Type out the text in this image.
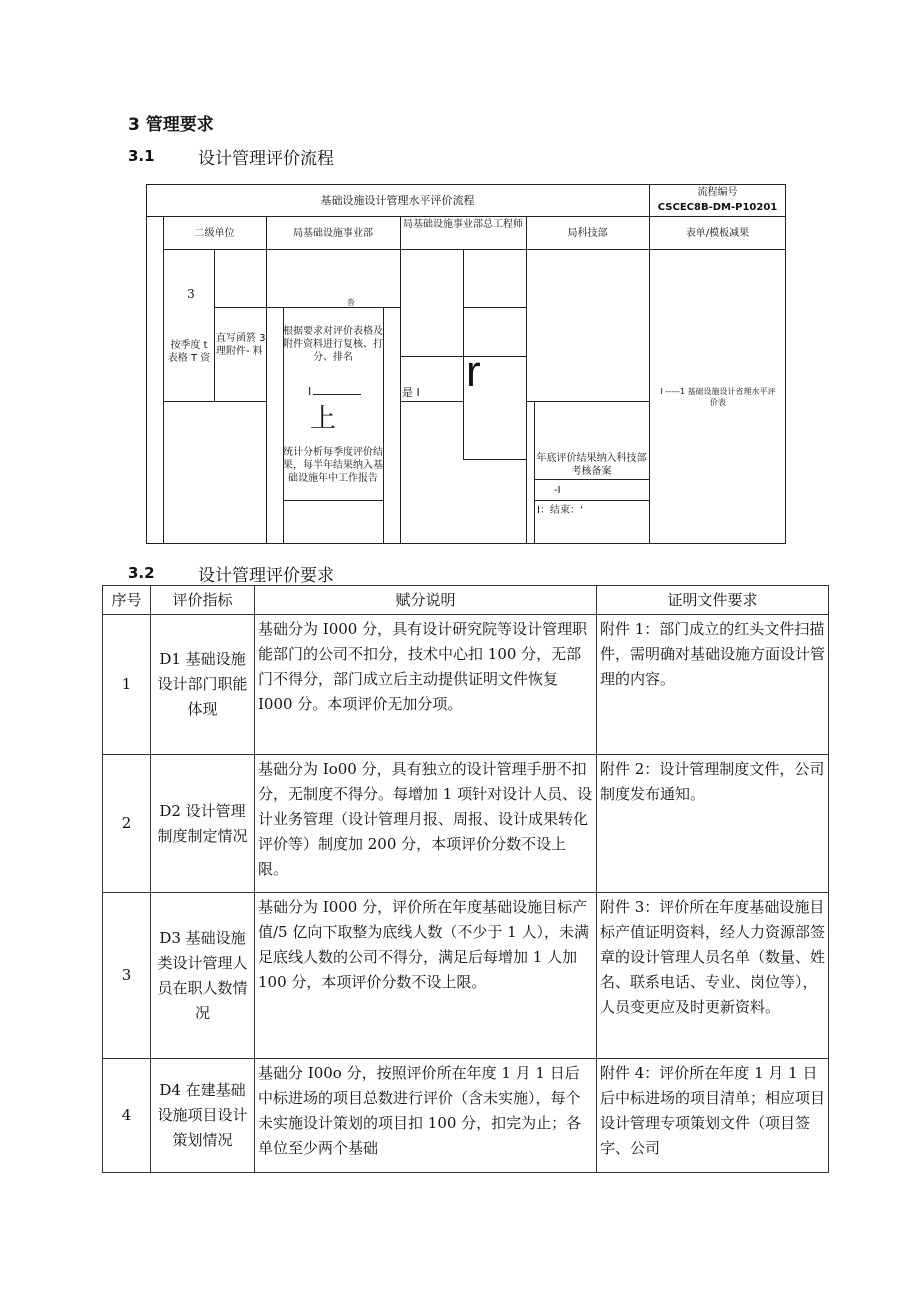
3 管理要求
3.1	设计管理评价流程
基础设施设计管理水平评价流程
流程编号
CSCEC8B-DM-P10201
二级单位	局基础设施事业部
局基础设施事业部总工程师
局科技部	表单/模板减果
3
按季度 t 表格 T 资
直写函箊 3 理附件- 料
沓
根据要求对评价表格及附件资料进行复核、打分、排名
I	是 I	r
上
统计分析每季度评价结果，每半年结果纳入基础设施年中工作报告
年底评价结果纳入科技部考核备案
-I
I：结束：'
I -----1 基础设施设计省理水平评价表
3.2	设计管理评价要求
序号	评价指标	赋分说明	证明文件要求
1	D1 基础设施设计部门职能体现	基础分为 I000 分，具有设计研究院等设计管理职能部门的公司不扣分，技术中心扣 100 分，无部门不得分，部门成立后主动提供证明文件恢复 I000 分。本项评价无加分项。	附件 1：部门成立的红头文件扫描件，需明确对基础设施方面设计管理的内容。
2	D2 设计管理制度制定情况	基础分为 Io00 分，具有独立的设计管理手册不扣分，无制度不得分。每增加 1 项针对设计人员、设计业务管理（设计管理月报、周报、设计成果转化评价等）制度加 200 分，本项评价分数不设上限。	附件 2：设计管理制度文件，公司制度发布通知。
3	D3 基础设施类设计管理人员在职人数情况	基础分为 I000 分，评价所在年度基础设施目标产值/5 亿向下取整为底线人数（不少于 1 人），未满足底线人数的公司不得分，满足后每增加 1 人加 100 分，本项评价分数不设上限。	附件 3：评价所在年度基础设施目标产值证明资料，经人力资源部签章的设计管理人员名单（数量、姓名、联系电话、专业、岗位等），人员变更应及时更新资料。
4	D4 在建基础设施项目设计策划情况	基础分 I00o 分，按照评价所在年度 1 月 1 日后中标进场的项目总数进行评价（含未实施），每个未实施设计策划的项目扣 100 分，扣完为止；各单位至少两个基础	附件 4：评价所在年度 1 月 1 日后中标进场的项目清单；相应项目设计管理专项策划文件（项目签字、公司
